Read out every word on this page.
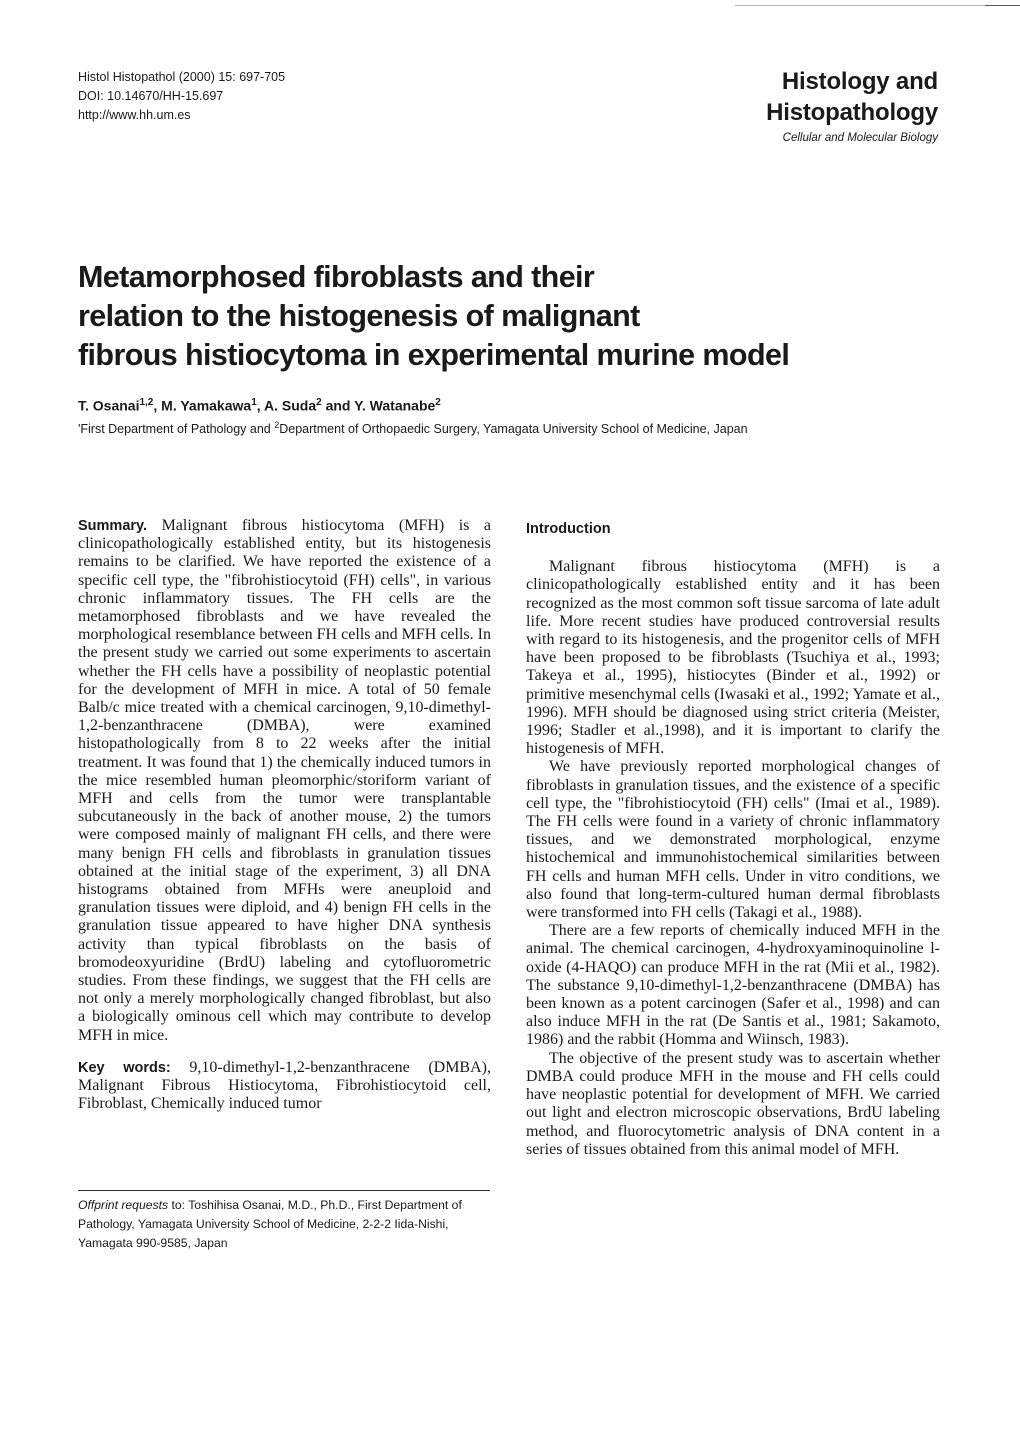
Histol Histopathol (2000) 15: 697-705
DOI: 10.14670/HH-15.697
http://www.hh.um.es
Histology and
Histopathology
Cellular and Molecular Biology
Metamorphosed fibroblasts and their
relation to the histogenesis of malignant
fibrous histiocytoma in experimental murine model
T. Osanai$^{1,2}$, M. Yamakawa$^1$, A. Suda$^2$ and Y. Watanabe$^2$
'First Department of Pathology and $^2$Department of Orthopaedic Surgery, Yamagata University School of Medicine, Japan

Summary. Malignant fibrous histiocytoma (MFH) is a clinicopathologically established entity, but its histogenesis remains to be clarified. We have reported the existence of a specific cell type, the "fibrohistiocytoid (FH) cells", in various chronic inflammatory tissues. The FH cells are the metamorphosed fibroblasts and we have revealed the morphological resemblance between FH cells and MFH cells. In the present study we carried out some experiments to ascertain whether the FH cells have a possibility of neoplastic potential for the development of MFH in mice. A total of 50 female Balb/c mice treated with a chemical carcinogen, 9,10-dimethyl-1,2-benzanthracene (DMBA), were examined histopathologically from 8 to 22 weeks after the initial treatment. It was found that 1) the chemically induced tumors in the mice resembled human pleomorphic/storiform variant of MFH and cells from the tumor were transplantable subcutaneously in the back of another mouse, 2) the tumors were composed mainly of malignant FH cells, and there were many benign FH cells and fibroblasts in granulation tissues obtained at the initial stage of the experiment, 3) all DNA histograms obtained from MFHs were aneuploid and granulation tissues were diploid, and 4) benign FH cells in the granulation tissue appeared to have higher DNA synthesis activity than typical fibroblasts on the basis of bromodeoxyuridine (BrdU) labeling and cytofluorometric studies. From these findings, we suggest that the FH cells are not only a merely morphologically changed fibroblast, but also a biologically ominous cell which may contribute to develop MFH in mice.

Key words: 9,10-dimethyl-1,2-benzanthracene (DMBA), Malignant Fibrous Histiocytoma, Fibrohistiocytoid cell, Fibroblast, Chemically induced tumor

Offprint requests to: Toshihisa Osanai, M.D., Ph.D., First Department of Pathology, Yamagata University School of Medicine, 2-2-2 Iida-Nishi, Yamagata 990-9585, Japan
Introduction

Malignant fibrous histiocytoma (MFH) is a clinicopathologically established entity and it has been recognized as the most common soft tissue sarcoma of late adult life. More recent studies have produced controversial results with regard to its histogenesis, and the progenitor cells of MFH have been proposed to be fibroblasts (Tsuchiya et al., 1993; Takeya et al., 1995), histiocytes (Binder et al., 1992) or primitive mesenchymal cells (Iwasaki et al., 1992; Yamate et al., 1996). MFH should be diagnosed using strict criteria (Meister, 1996; Stadler et al.,1998), and it is important to clarify the histogenesis of MFH.

We have previously reported morphological changes of fibroblasts in granulation tissues, and the existence of a specific cell type, the "fibrohistiocytoid (FH) cells" (Imai et al., 1989). The FH cells were found in a variety of chronic inflammatory tissues, and we demonstrated morphological, enzyme histochemical and immunohistochemical similarities between FH cells and human MFH cells. Under in vitro conditions, we also found that long-term-cultured human dermal fibroblasts were transformed into FH cells (Takagi et al., 1988).

There are a few reports of chemically induced MFH in the animal. The chemical carcinogen, 4-hydroxyaminoquinoline l-oxide (4-HAQO) can produce MFH in the rat (Mii et al., 1982). The substance 9,10-dimethyl-1,2-benzanthracene (DMBA) has been known as a potent carcinogen (Safer et al., 1998) and can also induce MFH in the rat (De Santis et al., 1981; Sakamoto, 1986) and the rabbit (Homma and Wiinsch, 1983).

The objective of the present study was to ascertain whether DMBA could produce MFH in the mouse and FH cells could have neoplastic potential for development of MFH. We carried out light and electron microscopic observations, BrdU labeling method, and fluorocytometric analysis of DNA content in a series of tissues obtained from this animal model of MFH.
